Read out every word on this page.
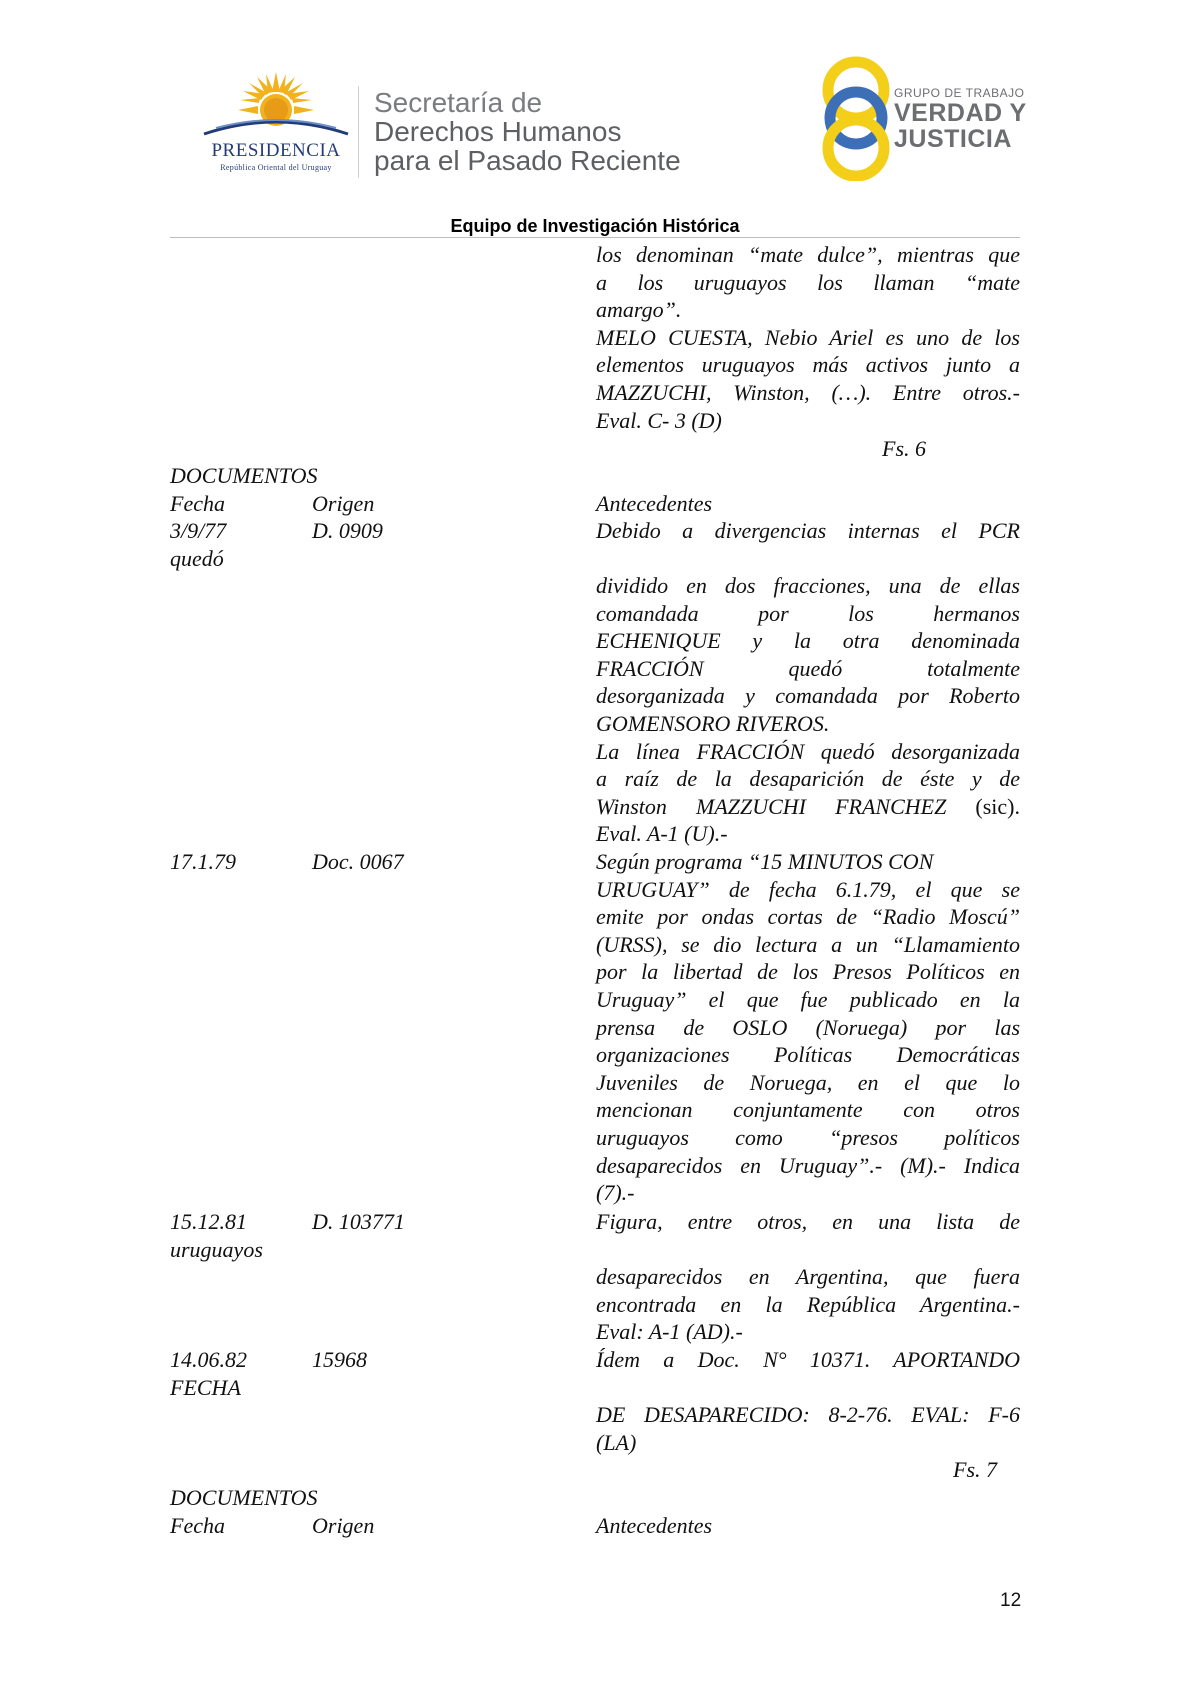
PRESIDENCIA
República Oriental del Uruguay
Secretaría de
Derechos Humanos
para el Pasado Reciente
GRUPO DE TRABAJO
VERDAD Y
JUSTICIA
Equipo de Investigación Histórica
los denominan “mate dulce”, mientras que
a los uruguayos los llaman “mate
amargo”.
MELO CUESTA, Nebio Ariel es uno de los
elementos uruguayos más activos junto a
MAZZUCHI, Winston, (…). Entre otros.-
Eval. C- 3 (D)
Fs. 6
DOCUMENTOS
Fecha	Origen	Antecedentes
3/9/77	D. 0909	Debido a divergencias internas el PCR
quedó
dividido en dos fracciones, una de ellas
comandada por los hermanos
ECHENIQUE y la otra denominada
FRACCIÓN quedó totalmente
desorganizada y comandada por Roberto
GOMENSORO RIVEROS.
La línea FRACCIÓN quedó desorganizada
a raíz de la desaparición de éste y de
Winston MAZZUCHI FRANCHEZ (sic).
Eval. A-1 (U).-
17.1.79	Doc. 0067	Según programa “15 MINUTOS CON
URUGUAY” de fecha 6.1.79, el que se
emite por ondas cortas de “Radio Moscú”
(URSS), se dio lectura a un “Llamamiento
por la libertad de los Presos Políticos en
Uruguay” el que fue publicado en la
prensa de OSLO (Noruega) por las
organizaciones Políticas Democráticas
Juveniles de Noruega, en el que lo
mencionan conjuntamente con otros
uruguayos como “presos políticos
desaparecidos en Uruguay”.- (M).- Indica
(7).-
15.12.81	D. 103771	Figura, entre otros, en una lista de
uruguayos
desaparecidos en Argentina, que fuera
encontrada en la República Argentina.-
Eval: A-1 (AD).-
14.06.82	15968	Ídem a Doc. N° 10371. APORTANDO
FECHA
DE DESAPARECIDO: 8-2-76. EVAL: F-6
(LA)
Fs. 7
DOCUMENTOS
Fecha	Origen	Antecedentes
12
